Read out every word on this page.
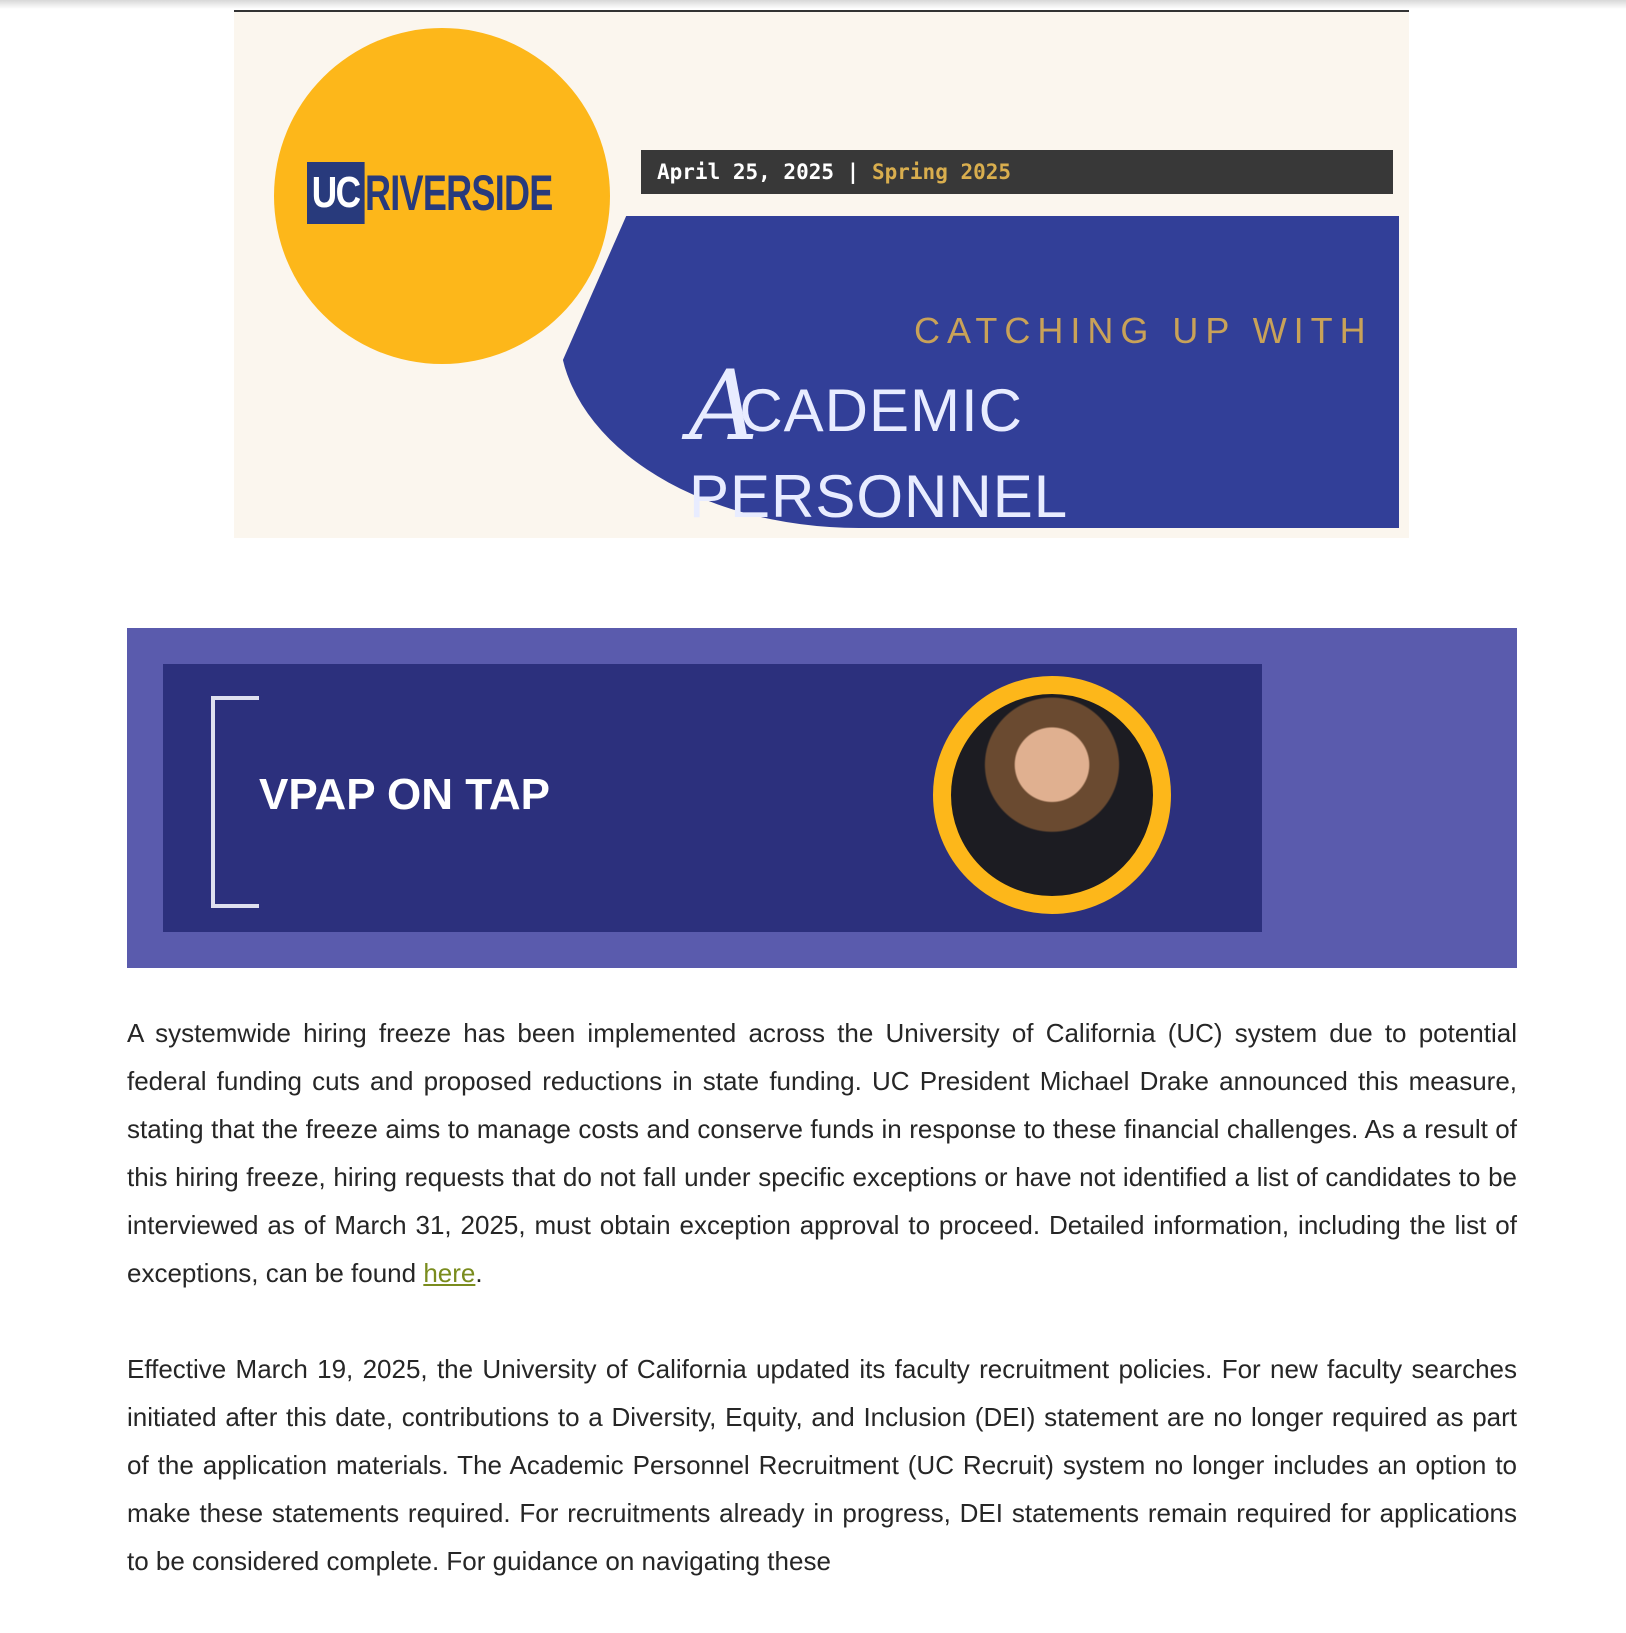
UC RIVERSIDE	April 25, 2025 | Spring 2025
CATCHING UP WITH
ACADEMIC PERSONNEL
VPAP ON TAP

A systemwide hiring freeze has been implemented across the University of California (UC) system due to potential federal funding cuts and proposed reductions in state funding. UC President Michael Drake announced this measure, stating that the freeze aims to manage costs and conserve funds in response to these financial challenges. As a result of this hiring freeze, hiring requests that do not fall under specific exceptions or have not identified a list of candidates to be interviewed as of March 31, 2025, must obtain exception approval to proceed. Detailed information, including the list of exceptions, can be found here.

Effective March 19, 2025, the University of California updated its faculty recruitment policies. For new faculty searches initiated after this date, contributions to a Diversity, Equity, and Inclusion (DEI) statement are no longer required as part of the application materials. The Academic Personnel Recruitment (UC Recruit) system no longer includes an option to make these statements required. For recruitments already in progress, DEI statements remain required for applications to be considered complete. For guidance on navigating these
